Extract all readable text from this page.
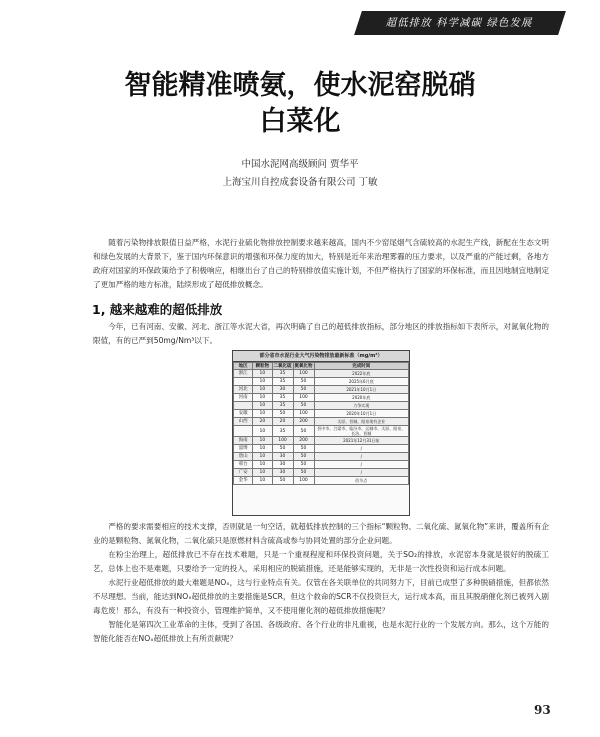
超低排放 科学减碳 绿色发展
智能精准喷氨，使水泥窑脱硝
白菜化
中国水泥网高级顾问 贾华平
上海宝川自控成套设备有限公司 丁敏

随着污染物排放限值日益严格，水泥行业硫化物排放控制要求越来越高，国内不少窑尾烟气含硫较高的水泥生产线，新配在生态文明和绿色发展的大背景下，鉴于国内环保意识的增强和环保力度的加大，特别是近年来治理雾霾的压力要求，以及严重的产能过剩，各地方政府对国家的环保政策给予了积极响应，相继出台了自己的特别排放值实施计划，不但严格执行了国家的环保标准，而且因地制宜地制定了更加严格的地方标准，陆续形成了超低排放概念。

1, 越来越难的超低排放

今年，已有河南、安徽、河北、浙江等水泥大省，再次明确了自己的超低排放指标，部分地区的排放指标如下表所示，对氮氧化物的限值，有的已严到50mg/Nm³以下。

部分省市水泥行业大气污染物排放最新标准（mg/m³）
地区	颗粒物	二氧化硫	氮氧化物	完成时间
浙江	10	35	100	2022年底
	10	35	50	2025年6月底
河北	10	30	50	2021年10月1日
河南	10	35	100	2020年底
	10	35	50	力争实现
安徽	10	50	100	2020年10月1日
山西	20	20	200	太原、晋城、阳泉现有企业
	10	35	50	晋中市、吕梁市、临汾市、运城市、太原、阳泉、长治、晋城
海南	10	100	200	2021年12月31日前
淄博	10	50	50	/
唐山	10	30	50	/
邢台	10	30	50	/
广安	10	30	50	/
金华	10	50	100	西节点

严格的要求需要相应的技术支撑，否则就是一句空话，就超低排放控制的三个指标“颗粒物、二氧化硫、氮氧化物”来讲，覆盖所有企业的是颗粒物、氮氧化物，二氧化硫只是原燃材料含硫高或参与协同处置的部分企业问题。

在粉尘治理上，超低排放已不存在技术难题，只是一个重视程度和环保投资问题，关于SO₂的排放，水泥窑本身就是很好的脱硫工艺，总体上也不是难题，只要给予一定的投入，采用相应的脱硫措施，还是能够实现的，无非是一次性投资和运行成本问题。

水泥行业超低排放的最大难题是NOₓ，这与行业特点有关。仅管在各关联单位的共同努力下，目前已成型了多种脱硝措施，但都依然不尽理想。当前，能达到NOₓ超低排放的主要措施是SCR，但这个救命的SCR不仅投资巨大，运行成本高，而且其脱硝催化剂已被列入剧毒危废！那么，有没有一种投资小，管理维护简单，又不使用催化剂的超低排放措施呢？

智能化是第四次工业革命的主体，受到了各国、各级政府、各个行业的非凡重视，也是水泥行业的一个发展方向。那么，这个万能的智能化能否在NOₓ超低排放上有所贡献呢？

93
